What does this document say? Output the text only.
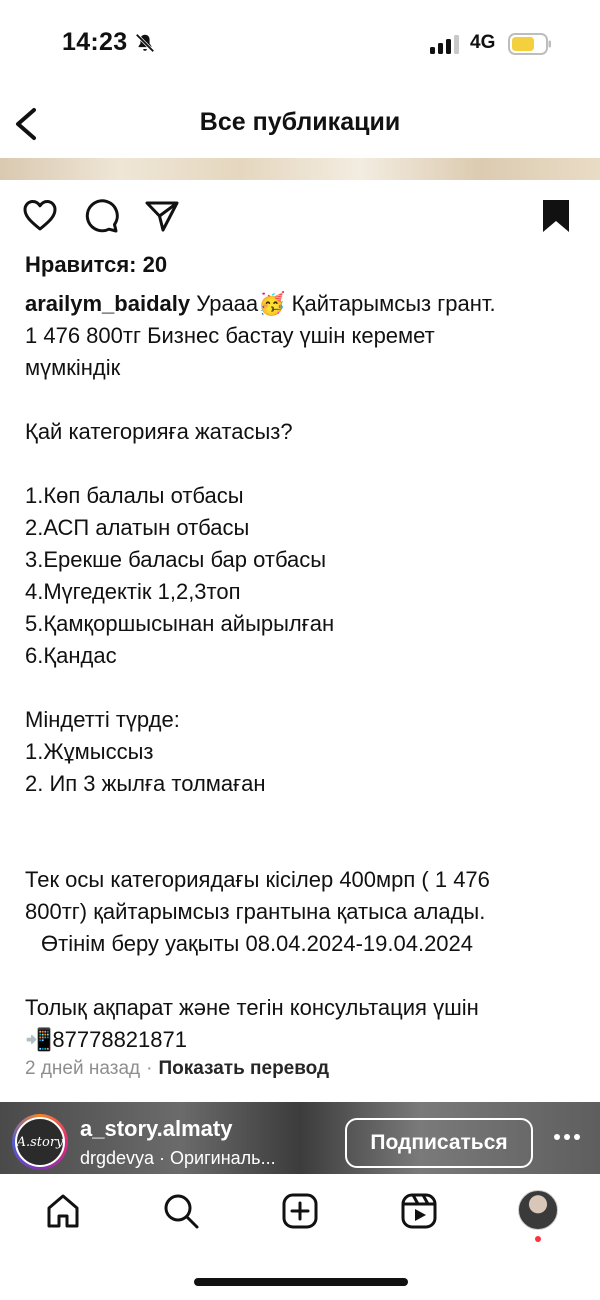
14:23	4G
Все публикации
Нравится: 20
arailym_baidaly Урааа🥳 Қайтарымсыз грант.
1 476 800тг Бизнес бастау үшін керемет
мүмкіндік
Қай категорияға жатасыз?
1.Көп балалы отбасы
2.АСП алатын отбасы
3.Ерекше баласы бар отбасы
4.Мүгедектік 1,2,3топ
5.Қамқоршысынан айырылған
6.Қандас
Міндетті түрде:
1.Жұмыссыз
2. Ип 3 жылға толмаған
Тек осы категориядағы кісілер 400мрп ( 1 476
800тг) қайтарымсыз грантына қатыса алады.
Өтінім беру уақыты 08.04.2024-19.04.2024
Толық ақпарат және тегін консультация үшін
📲87778821871
2 дней назад · Показать перевод
A.story
a_story.almaty
drgdevya · Оригиналь...
Подписаться
